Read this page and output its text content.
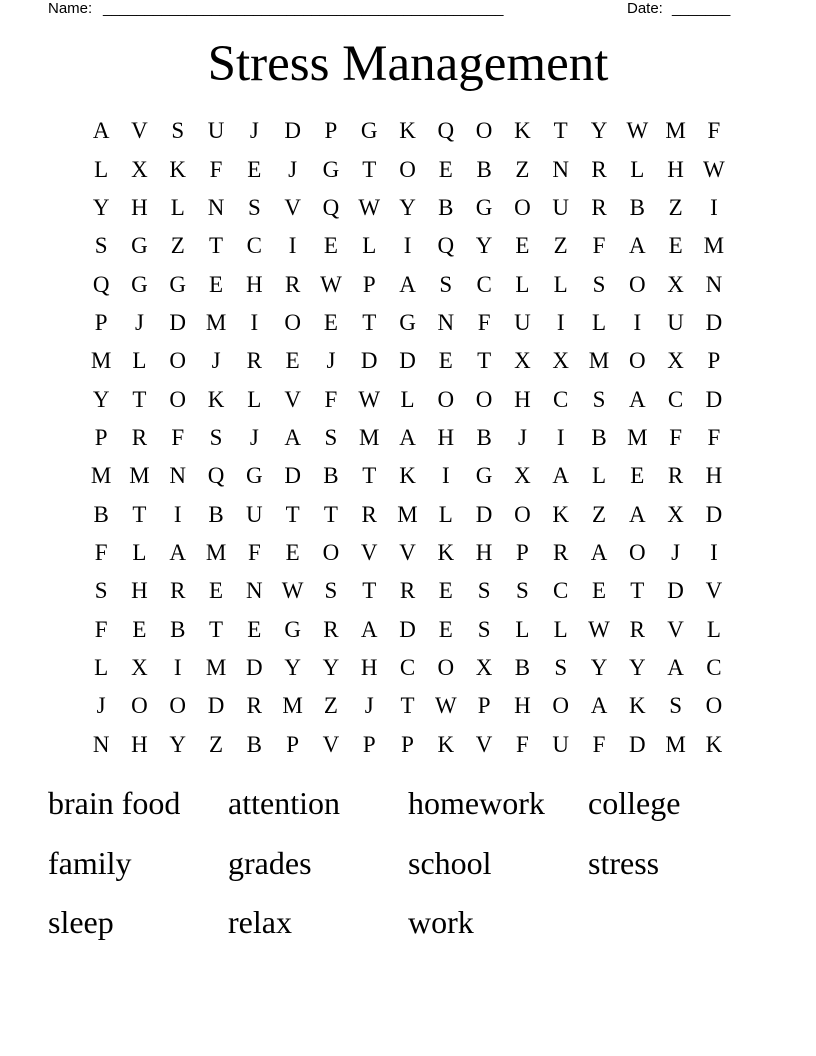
Name: ________________________________________________	Date: _______
Stress Management
A V	S	U	J	D	P	G K Q O K T Y W M F
L X K	F	E	J	G T O E	B	Z N R	L H W
Y H L N	S	V Q W Y B G O U R B	Z	I
S	G Z	T	C	I	E	L	I	Q Y E	Z	F	A E M
Q G G E H R W P	A	S	C	L	L	S	O X N
P	J	D M	I	O E	T G N	F	U	I	L	I	U D
M L O	J	R	E	J	D D E	T X X M O X	P
Y T O K L V	F W L O O H C	S	A C D
P	R	F	S	J	A	S M A H B	J	I	B M F	F
M M N Q G D B	T K	I	G X A L	E	R H
B	T	I	B U T	T	R M L D O K Z A X D
F	L A M F	E O V V K H	P	R A O	J	I
S	H R	E N W S	T	R	E	S	S	C	E	T D V
F	E	B	T	E G R A D E	S	L	L W R V L
L X	I	M D Y Y H C O X B	S	Y Y A C
J	O O D R M Z	J	T W P	H O A K	S	O
N H Y Z	B	P	V	P	P	K V	F	U	F	D M K
brain food	attention	homework	college
family	grades	school	stress
sleep	relax	work
